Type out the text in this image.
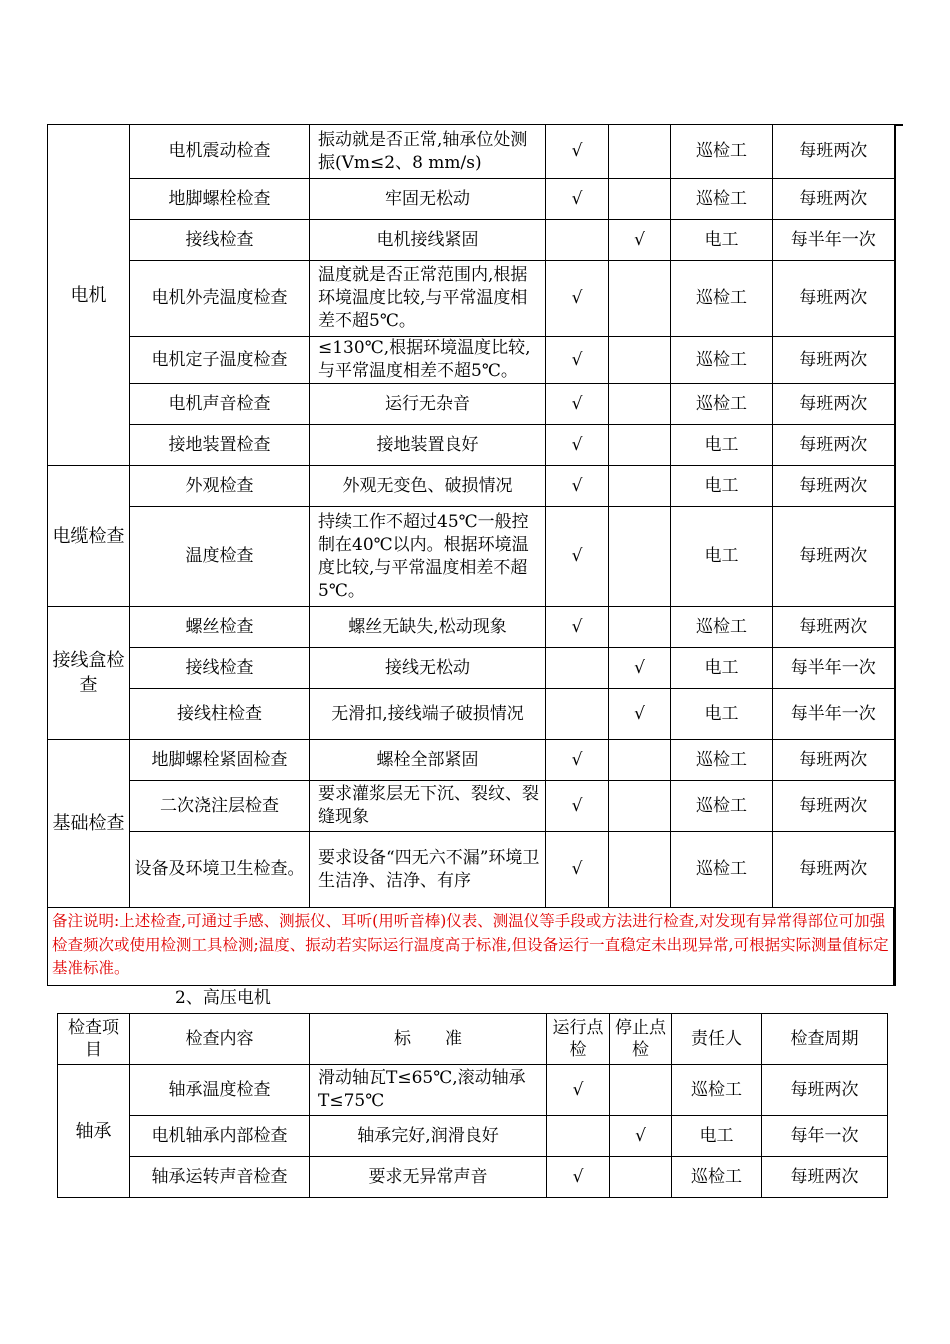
电机	电机震动检查	振动就是否正常,轴承位处测振(Vm≤2、8 mm/s)	√		巡检工	每班两次
	地脚螺栓检查	牢固无松动	√		巡检工	每班两次
	接线检查	电机接线紧固		√	电工	每半年一次
	电机外壳温度检查	温度就是否正常范围内,根据环境温度比较,与平常温度相差不超5℃。	√		巡检工	每班两次
	电机定子温度检查	≤130℃,根据环境温度比较,与平常温度相差不超5℃。	√		巡检工	每班两次
	电机声音检查	运行无杂音	√		巡检工	每班两次
	接地装置检查	接地装置良好	√		电工	每班两次
电缆检查	外观检查	外观无变色、破损情况	√		电工	每班两次
	温度检查	持续工作不超过45℃一般控制在40℃以内。根据环境温度比较,与平常温度相差不超5℃。	√		电工	每班两次
接线盒检查	螺丝检查	螺丝无缺失,松动现象	√		巡检工	每班两次
	接线检查	接线无松动		√	电工	每半年一次
	接线柱检查	无滑扣,接线端子破损情况		√	电工	每半年一次
基础检查	地脚螺栓紧固检查	螺栓全部紧固	√		巡检工	每班两次
	二次浇注层检查	要求灌浆层无下沉、裂纹、裂缝现象	√		巡检工	每班两次
	设备及环境卫生检查。	要求设备“四无六不漏”环境卫生洁净、洁净、有序	√		巡检工	每班两次
备注说明:上述检查,可通过手感、测振仪、耳听(用听音棒)仪表、测温仪等手段或方法进行检查,对发现有异常得部位可加强检查频次或使用检测工具检测;温度、振动若实际运行温度高于标准,但设备运行一直稳定未出现异常,可根据实际测量值标定基准标准。						
2、高压电机
检查项目	检查内容	标　　准	运行点检	停止点检	责任人	检查周期
轴承	轴承温度检查	滑动轴瓦T≤65℃,滚动轴承T≤75℃	√		巡检工	每班两次
	电机轴承内部检查	轴承完好,润滑良好		√	电工	每年一次
	轴承运转声音检查	要求无异常声音	√		巡检工	每班两次
